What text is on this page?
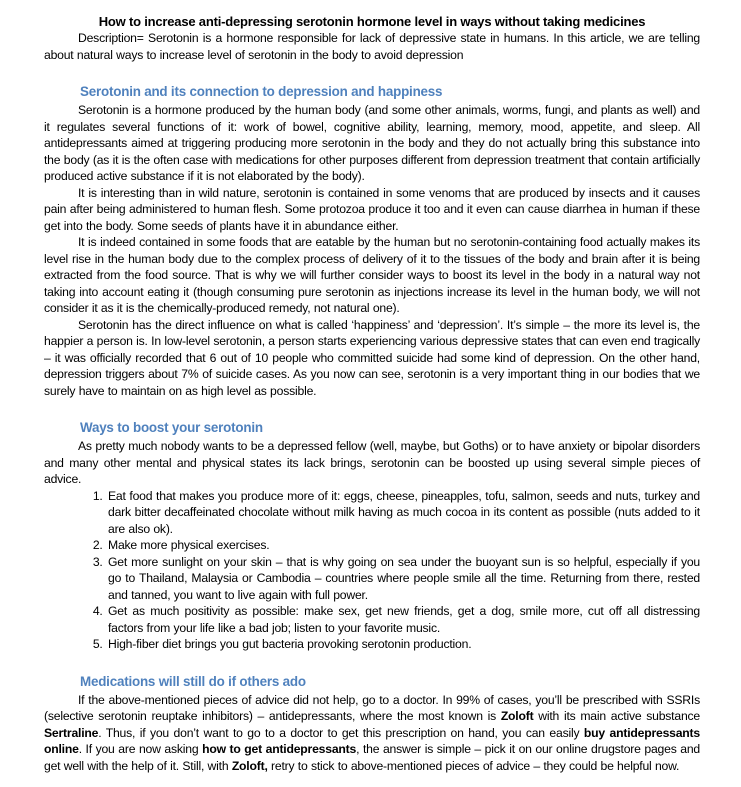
How to increase anti-depressing serotonin hormone level in ways without taking medicines

Description= Serotonin is a hormone responsible for lack of depressive state in humans. In this article, we are telling about natural ways to increase level of serotonin in the body to avoid depression

Serotonin and its connection to depression and happiness

Serotonin is a hormone produced by the human body (and some other animals, worms, fungi, and plants as well) and it regulates several functions of it: work of bowel, cognitive ability, learning, memory, mood, appetite, and sleep. All antidepressants aimed at triggering producing more serotonin in the body and they do not actually bring this substance into the body (as it is the often case with medications for other purposes different from depression treatment that contain artificially produced active substance if it is not elaborated by the body).

It is interesting than in wild nature, serotonin is contained in some venoms that are produced by insects and it causes pain after being administered to human flesh. Some protozoa produce it too and it even can cause diarrhea in human if these get into the body. Some seeds of plants have it in abundance either.

It is indeed contained in some foods that are eatable by the human but no serotonin-containing food actually makes its level rise in the human body due to the complex process of delivery of it to the tissues of the body and brain after it is being extracted from the food source. That is why we will further consider ways to boost its level in the body in a natural way not taking into account eating it (though consuming pure serotonin as injections increase its level in the human body, we will not consider it as it is the chemically-produced remedy, not natural one).

Serotonin has the direct influence on what is called ‘happiness’ and ‘depression’. It’s simple – the more its level is, the happier a person is. In low-level serotonin, a person starts experiencing various depressive states that can even end tragically – it was officially recorded that 6 out of 10 people who committed suicide had some kind of depression. On the other hand, depression triggers about 7% of suicide cases. As you now can see, serotonin is a very important thing in our bodies that we surely have to maintain on as high level as possible.

Ways to boost your serotonin

As pretty much nobody wants to be a depressed fellow (well, maybe, but Goths) or to have anxiety or bipolar disorders and many other mental and physical states its lack brings, serotonin can be boosted up using several simple pieces of advice.

1. Eat food that makes you produce more of it: eggs, cheese, pineapples, tofu, salmon, seeds and nuts, turkey and dark bitter decaffeinated chocolate without milk having as much cocoa in its content as possible (nuts added to it are also ok).
2. Make more physical exercises.
3. Get more sunlight on your skin – that is why going on sea under the buoyant sun is so helpful, especially if you go to Thailand, Malaysia or Cambodia – countries where people smile all the time. Returning from there, rested and tanned, you want to live again with full power.
4. Get as much positivity as possible: make sex, get new friends, get a dog, smile more, cut off all distressing factors from your life like a bad job; listen to your favorite music.
5. High-fiber diet brings you gut bacteria provoking serotonin production.
Medications will still do if others ado

If the above-mentioned pieces of advice did not help, go to a doctor. In 99% of cases, you’ll be prescribed with SSRIs (selective serotonin reuptake inhibitors) – antidepressants, where the most known is Zoloft with its main active substance Sertraline. Thus, if you don’t want to go to a doctor to get this prescription on hand, you can easily buy antidepressants online. If you are now asking how to get antidepressants, the answer is simple – pick it on our online drugstore pages and get well with the help of it. Still, with Zoloft, retry to stick to above-mentioned pieces of advice – they could be helpful now.
